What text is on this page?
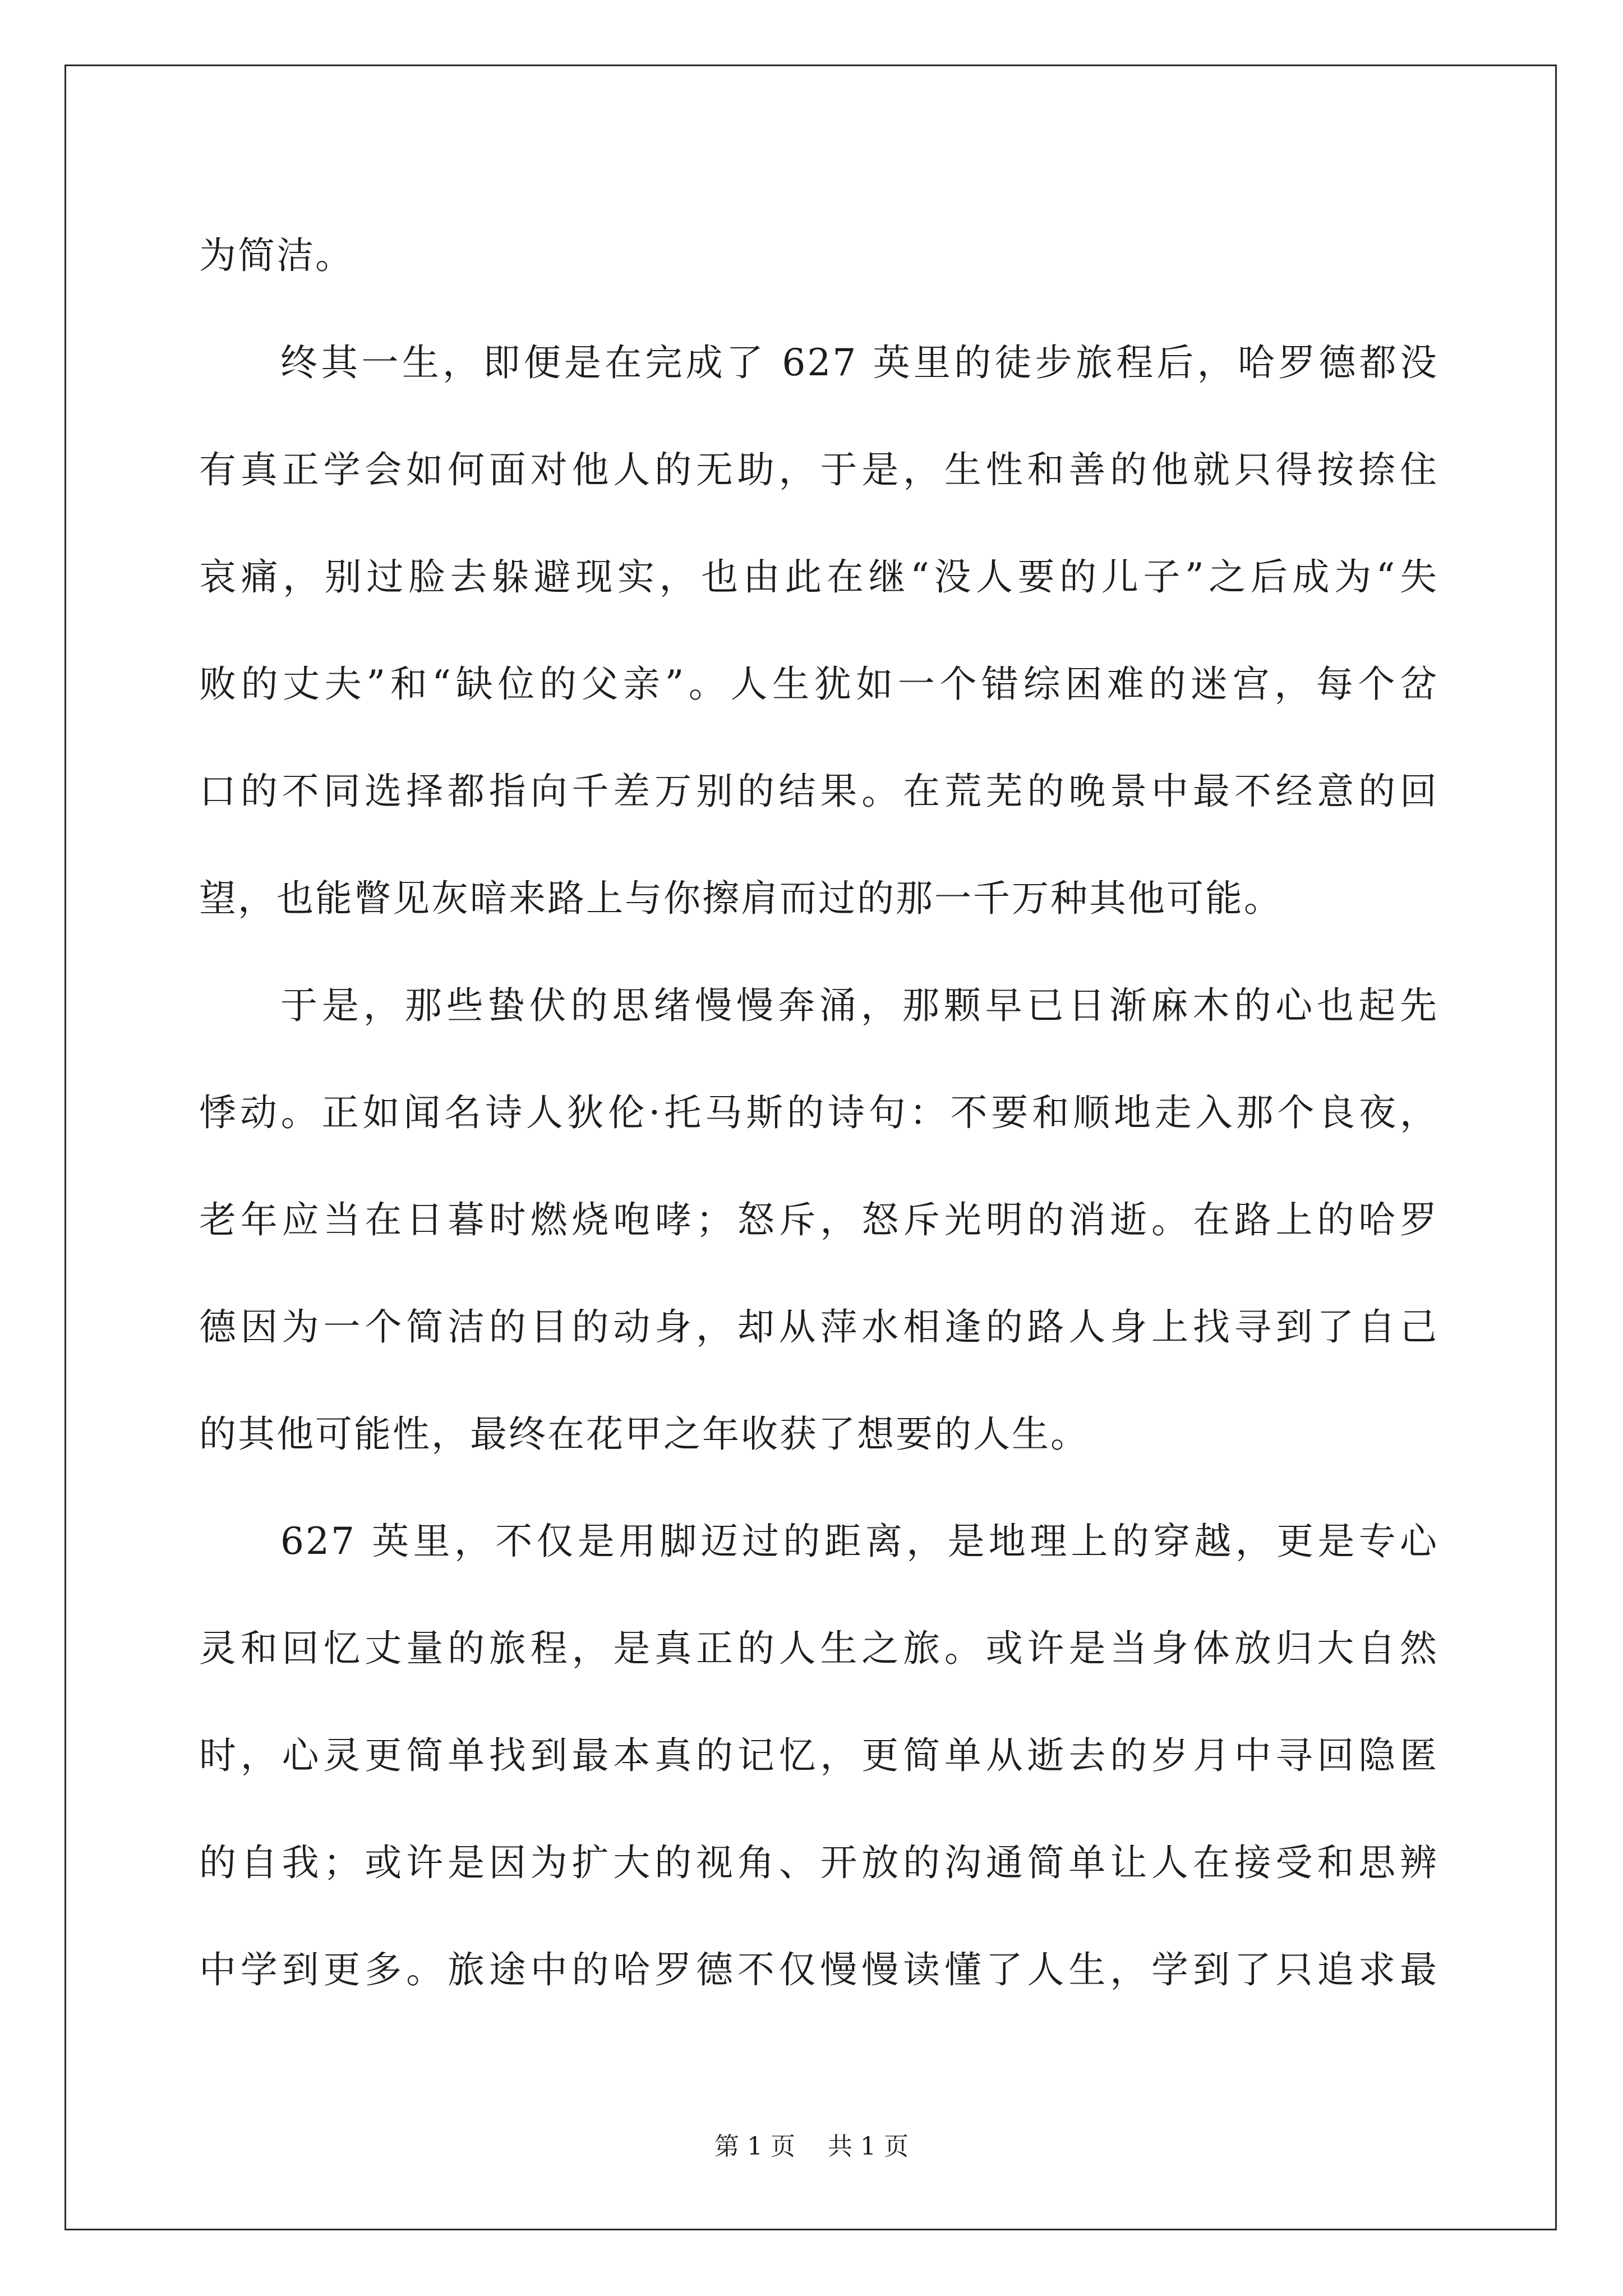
为简洁。
终其一生，即便是在完成了 627 英里的徒步旅程后，哈罗德都没
有真正学会如何面对他人的无助，于是，生性和善的他就只得按捺住
哀痛，别过脸去躲避现实，也由此在继“没人要的儿子”之后成为“失
败的丈夫”和“缺位的父亲”。人生犹如一个错综困难的迷宫，每个岔
口的不同选择都指向千差万别的结果。在荒芜的晚景中最不经意的回
望，也能瞥见灰暗来路上与你擦肩而过的那一千万种其他可能。
于是，那些蛰伏的思绪慢慢奔涌，那颗早已日渐麻木的心也起先
悸动。正如闻名诗人狄伦·托马斯的诗句：不要和顺地走入那个良夜，
老年应当在日暮时燃烧咆哮；怒斥，怒斥光明的消逝。在路上的哈罗
德因为一个简洁的目的动身，却从萍水相逢的路人身上找寻到了自己
的其他可能性，最终在花甲之年收获了想要的人生。
627 英里，不仅是用脚迈过的距离，是地理上的穿越，更是专心
灵和回忆丈量的旅程，是真正的人生之旅。或许是当身体放归大自然
时，心灵更简单找到最本真的记忆，更简单从逝去的岁月中寻回隐匿
的自我；或许是因为扩大的视角、开放的沟通简单让人在接受和思辨
中学到更多。旅途中的哈罗德不仅慢慢读懂了人生，学到了只追求最
第 1 页 共 1 页
